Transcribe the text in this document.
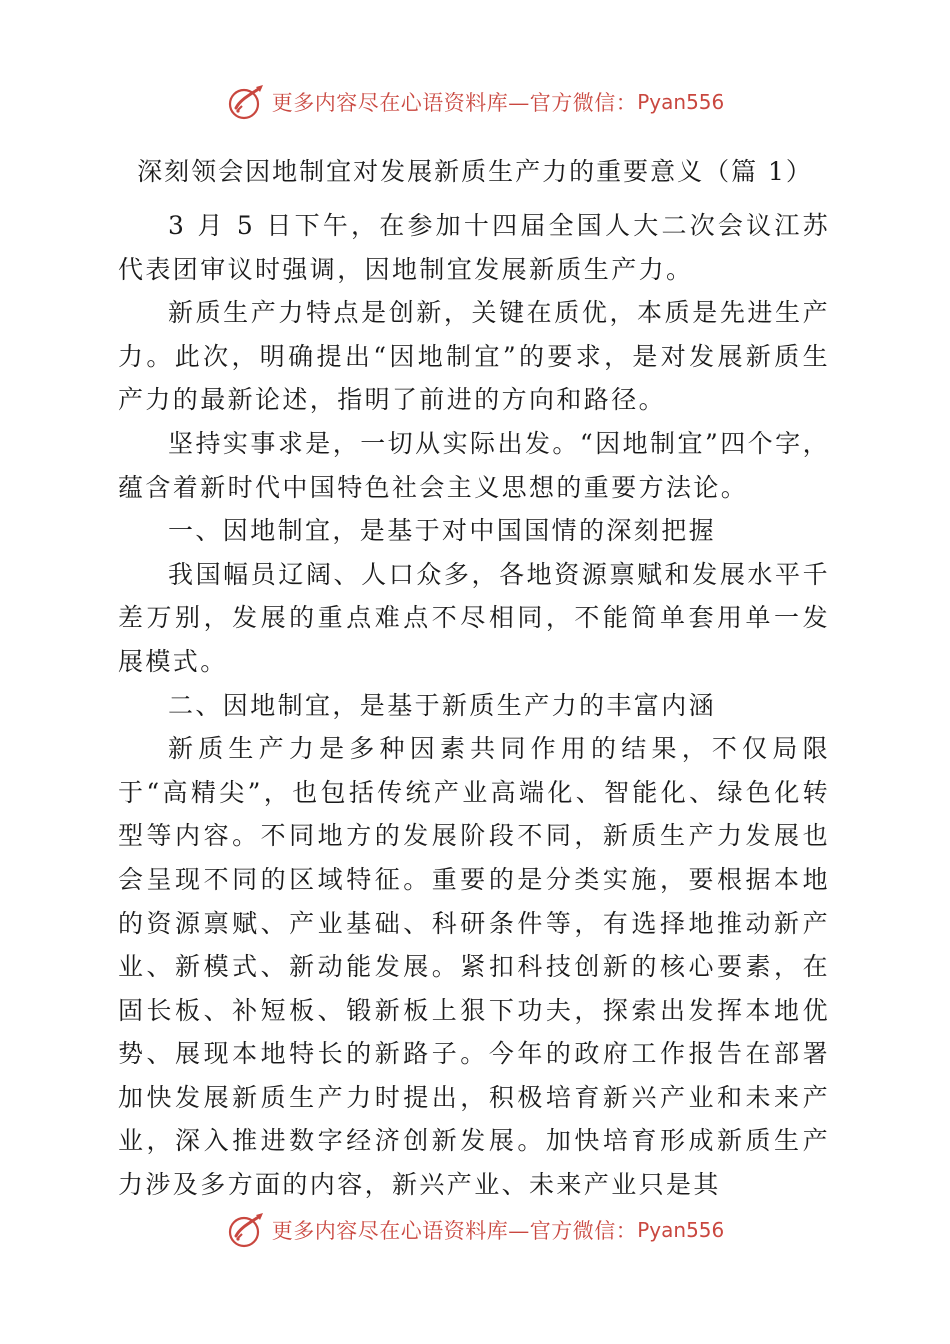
更多内容尽在心语资料库—官方微信： Pyan556
深刻领会因地制宜对发展新质生产力的重要意义（篇 1）

3 月 5 日下午，在参加十四届全国人大二次会议江苏代表团审议时强调，因地制宜发展新质生产力。

新质生产力特点是创新，关键在质优，本质是先进生产力。此次，明确提出“因地制宜”的要求，是对发展新质生产力的最新论述，指明了前进的方向和路径。

坚持实事求是，一切从实际出发。“因地制宜”四个字，蕴含着新时代中国特色社会主义思想的重要方法论。

一、因地制宜，是基于对中国国情的深刻把握

我国幅员辽阔、人口众多，各地资源禀赋和发展水平千差万别，发展的重点难点不尽相同，不能简单套用单一发展模式。

二、因地制宜，是基于新质生产力的丰富内涵

新质生产力是多种因素共同作用的结果，不仅局限于“高精尖”，也包括传统产业高端化、智能化、绿色化转型等内容。不同地方的发展阶段不同，新质生产力发展也会呈现不同的区域特征。重要的是分类实施，要根据本地的资源禀赋、产业基础、科研条件等，有选择地推动新产业、新模式、新动能发展。紧扣科技创新的核心要素，在固长板、补短板、锻新板上狠下功夫，探索出发挥本地优势、展现本地特长的新路子。今年的政府工作报告在部署加快发展新质生产力时提出，积极培育新兴产业和未来产业，深入推进数字经济创新发展。加快培育形成新质生产力涉及多方面的内容，新兴产业、未来产业只是其

更多内容尽在心语资料库—官方微信： Pyan556
